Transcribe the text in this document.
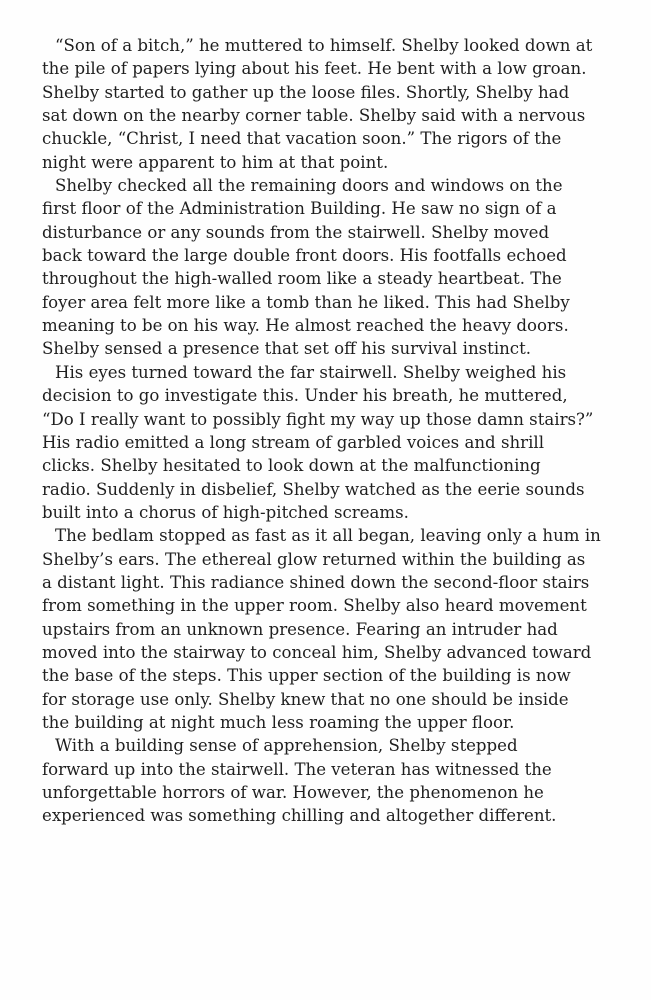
“Son of a bitch,” he muttered to himself. Shelby looked down at
the pile of papers lying about his feet. He bent with a low groan.
Shelby started to gather up the loose files. Shortly, Shelby had
sat down on the nearby corner table. Shelby said with a nervous
chuckle, “Christ, I need that vacation soon.” The rigors of the
night were apparent to him at that point.

Shelby checked all the remaining doors and windows on the
first floor of the Administration Building. He saw no sign of a
disturbance or any sounds from the stairwell. Shelby moved
back toward the large double front doors. His footfalls echoed
throughout the high-walled room like a steady heartbeat. The
foyer area felt more like a tomb than he liked. This had Shelby
meaning to be on his way. He almost reached the heavy doors.
Shelby sensed a presence that set off his survival instinct.

His eyes turned toward the far stairwell. Shelby weighed his
decision to go investigate this. Under his breath, he muttered,
“Do I really want to possibly fight my way up those damn stairs?”
His radio emitted a long stream of garbled voices and shrill
clicks. Shelby hesitated to look down at the malfunctioning
radio. Suddenly in disbelief, Shelby watched as the eerie sounds
built into a chorus of high-pitched screams.

The bedlam stopped as fast as it all began, leaving only a hum in
Shelby’s ears. The ethereal glow returned within the building as
a distant light. This radiance shined down the second-floor stairs
from something in the upper room. Shelby also heard movement
upstairs from an unknown presence. Fearing an intruder had
moved into the stairway to conceal him, Shelby advanced toward
the base of the steps. This upper section of the building is now
for storage use only. Shelby knew that no one should be inside
the building at night much less roaming the upper floor.

With a building sense of apprehension, Shelby stepped
forward up into the stairwell. The veteran has witnessed the
unforgettable horrors of war. However, the phenomenon he
experienced was something chilling and altogether different.
